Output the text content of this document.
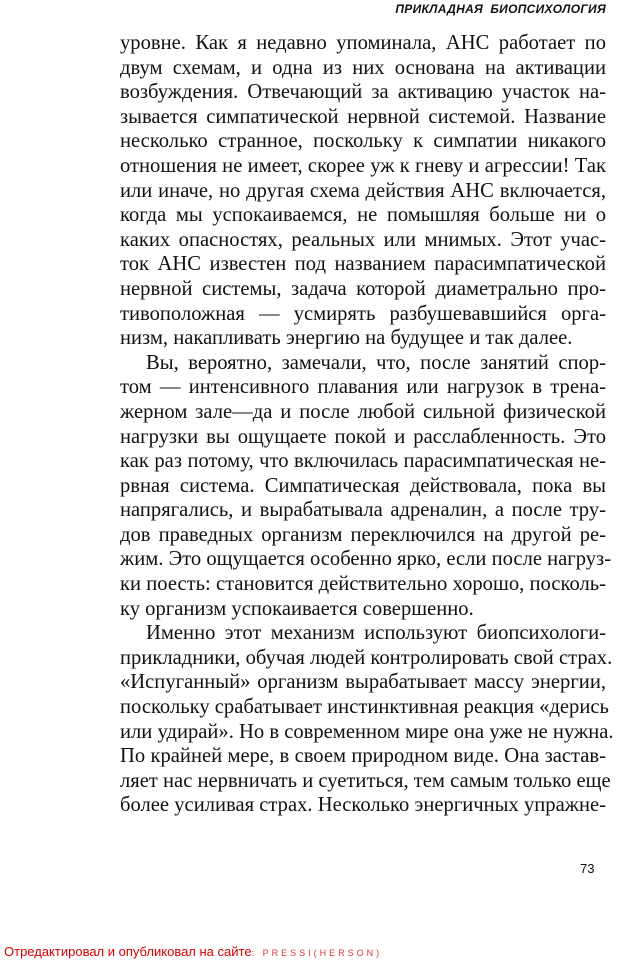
ПРИКЛАДНАЯ  БИОПСИХОЛОГИЯ
уровне. Как я недавно упоминала, АНС работает по
двум схемам, и одна из них основана на активации
возбуждения. Отвечающий за активацию участок на-
зывается симпатической нервной системой. Название
несколько странное, поскольку к симпатии никакого
отношения не имеет, скорее уж к гневу и агрессии! Так
или иначе, но другая схема действия АНС включается,
когда мы успокаиваемся, не помышляя больше ни о
каких опасностях, реальных или мнимых. Этот учас-
ток АНС известен под названием парасимпатической
нервной системы, задача которой диаметрально про-
тивоположная — усмирять разбушевавшийся орга-
низм, накапливать энергию на будущее и так далее.
Вы, вероятно, замечали, что, после занятий спор-
том — интенсивного плавания или нагрузок в трена-
жерном зале—да и после любой сильной физической
нагрузки вы ощущаете покой и расслабленность. Это
как раз потому, что включилась парасимпатическая не-
рвная система. Симпатическая действовала, пока вы
напрягались, и вырабатывала адреналин, а после тру-
дов праведных организм переключился на другой ре-
жим. Это ощущается особенно ярко, если после нагруз-
ки поесть: становится действительно хорошо, посколь-
ку организм успокаивается совершенно.
Именно этот механизм используют биопсихологи-
прикладники, обучая людей контролировать свой страх.
«Испуганный» организм вырабатывает массу энергии,
поскольку срабатывает инстинктивная реакция «дерись
или удирай». Но в современном мире она уже не нужна.
По крайней мере, в своем природном виде. Она застав-
ляет нас нервничать и суетиться, тем самым только еще
более усиливая страх. Несколько энергичных упражне-
73
Отредактировал и опубликовал на сайте: PRESSI(HERSON)
